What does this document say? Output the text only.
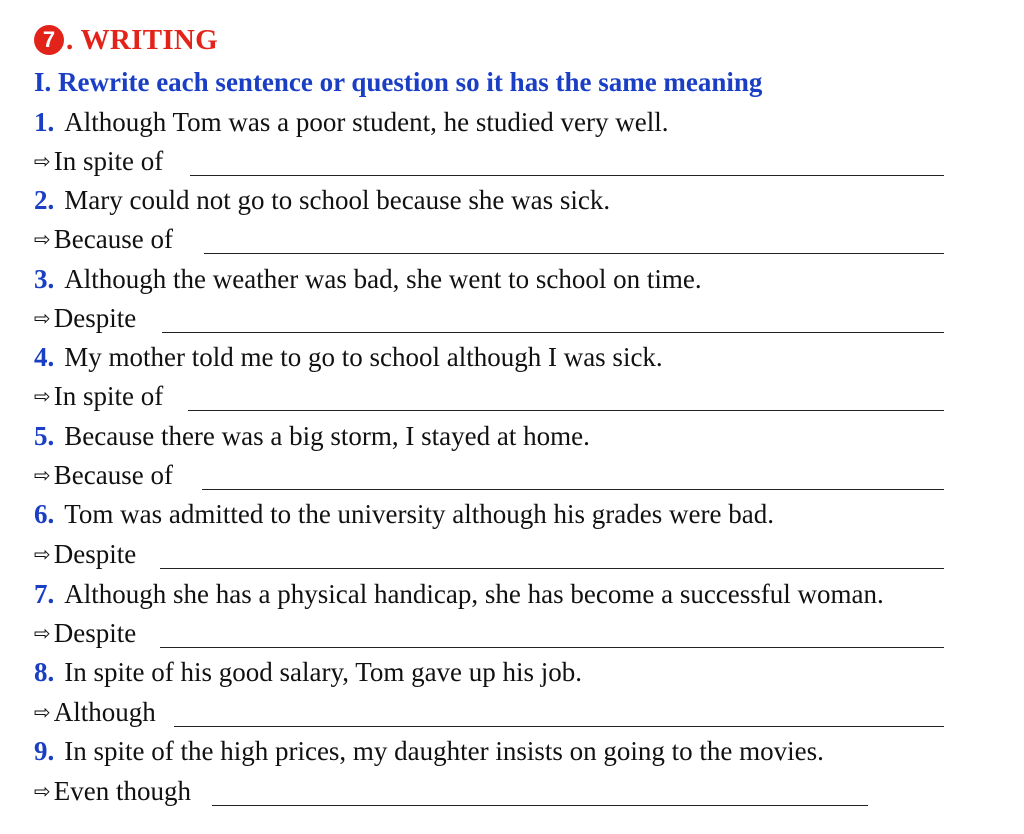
7 . WRITING
I. Rewrite each sentence or question so it has the same meaning
1. Although Tom was a poor student, he studied very well.
⇨ In spite of
2. Mary could not go to school because she was sick.
⇨ Because of
3. Although the weather was bad, she went to school on time.
⇨ Despite
4. My mother told me to go to school although I was sick.
⇨ In spite of
5. Because there was a big storm, I stayed at home.
⇨ Because of
6. Tom was admitted to the university although his grades were bad.
⇨ Despite
7. Although she has a physical handicap, she has become a successful woman.
⇨ Despite
8. In spite of his good salary, Tom gave up his job.
⇨ Although
9. In spite of the high prices, my daughter insists on going to the movies.
⇨ Even though
